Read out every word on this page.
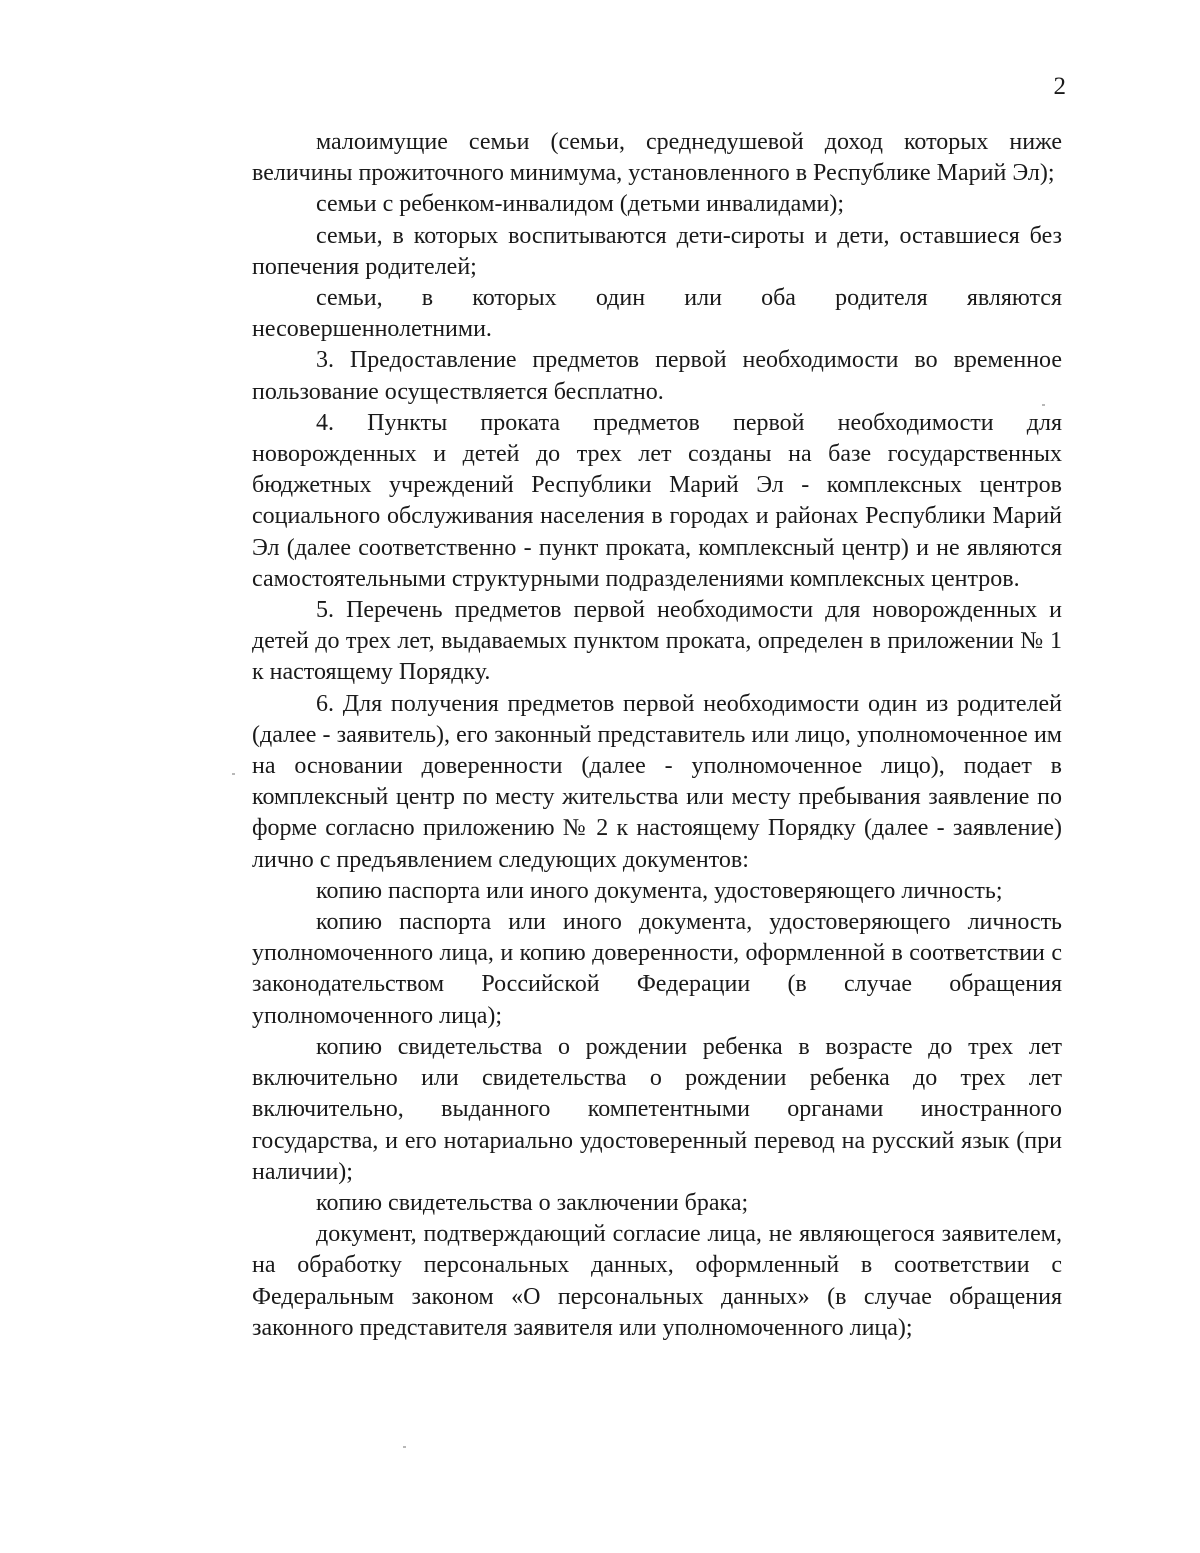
2

малоимущие семьи (семьи, среднедушевой доход которых ниже величины прожиточного минимума, установленного в Республике Марий Эл);

семьи с ребенком-инвалидом (детьми инвалидами);

семьи, в которых воспитываются дети-сироты и дети, оставшиеся без попечения родителей;

семьи, в которых один или оба родителя являются несовершеннолетними.

3. Предоставление предметов первой необходимости во временное пользование осуществляется бесплатно.

4. Пункты проката предметов первой необходимости для новорожденных и детей до трех лет созданы на базе государственных бюджетных учреждений Республики Марий Эл - комплексных центров социального обслуживания населения в городах и районах Республики Марий Эл (далее соответственно - пункт проката, комплексный центр) и не являются самостоятельными структурными подразделениями комплексных центров.

5. Перечень предметов первой необходимости для новорожденных и детей до трех лет, выдаваемых пунктом проката, определен в приложении № 1 к настоящему Порядку.

6. Для получения предметов первой необходимости один из родителей (далее - заявитель), его законный представитель или лицо, уполномоченное им на основании доверенности (далее - уполномоченное лицо), подает в комплексный центр по месту жительства или месту пребывания заявление по форме согласно приложению № 2 к настоящему Порядку (далее - заявление) лично с предъявлением следующих документов:

копию паспорта или иного документа, удостоверяющего личность;

копию паспорта или иного документа, удостоверяющего личность уполномоченного лица, и копию доверенности, оформленной в соответствии с законодательством Российской Федерации (в случае обращения уполномоченного лица);

копию свидетельства о рождении ребенка в возрасте до трех лет включительно или свидетельства о рождении ребенка до трех лет включительно, выданного компетентными органами иностранного государства, и его нотариально удостоверенный перевод на русский язык (при наличии);

копию свидетельства о заключении брака;

документ, подтверждающий согласие лица, не являющегося заявителем, на обработку персональных данных, оформленный в соответствии с Федеральным законом «О персональных данных» (в случае обращения законного представителя заявителя или уполномоченного лица);
